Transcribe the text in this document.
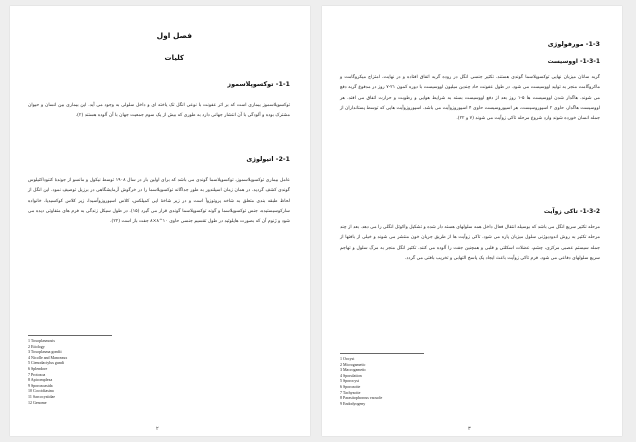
فصل اول
کلیات
1-1- توکسوپلاسموز
توکسوپلاسموز بیماری است که بر اثر عفونت با نوعی انگل تک یاخته ای و داخل سلولی به وجود می آید. این بیماری بین انسان و حیوان مشترک بوده و آلودگی با آن انتشار جهانی دارد به طوری که بیش از یک سوم جمعیت جهان با آن آلوده هستند (۲).
2-1- اتیولوژی
عامل بیماری توکسوپلاسموز، توکسوپلاسما گوندی می باشد که برای اولین بار در سال ۱۹۰۸ توسط نیکول و مانسو از جوندهٔ کتنوداکتیلوس گوندی کشف گردید. در همان زمان اسپلندور به طور جداگانه توکسوپلاسما را در خرگوش آزمایشگاهی در برزیل توصیف نمود. این انگل از لحاظ طبقه بندی متعلق به شاخه پروتوزوآ است و در زیر شاخهٔ اپی کمپلکس، کلاس اسپوروزوآسیدا، زیر کلاس کوکسیدیا، خانواده سارکوسیستیده، جنس توکسوپلاسما و گونه توکسوپلاسما گوندی قرار می گیرد (۱۵). در طول سیکل زندگی به فرم های متفاوتی دیده می شود و ژنوم آن که بصورت هاپلوئید در طول تقسیم جنسی حاوی ۱۰^۸×۸ جفت باز است (۲۲).
1 Toxoplasmosis
2 Etiology
3 Toxoplasma gondii
4 Nicolle and Manceaux
5 Ctenodactylus gundi
6 Splendore
7 Protozoa
8 Apicomplexa
9 Sporozoasida
10 Coccidiasina
11 Sarcocystidae
12 Genome
۲
1-3- مورفولوژی
1-3-1- اووسیست
گربه سانان میزبان نهایی توکسوپلاسما گوندی هستند. تکثیر جنسی انگل در روده گربه اتفاق افتاده و در نهایت، امتزاج میکروگامت و ماکروگامت منجر به تولید اووسیست می شود. در طول عفونت حاد چندین میلیون اووسیست با دوره کمون ۲۱-۷ روز در مدفوع گربه دفع می شوند. هاگدار شدن اووسیست ها ۵-۱ روز بعد از دفع اووسیست بسته به شرایط هوایی و رطوبت و حرارت اتفاق می افتد. هر اووسیست هاگدار، حاوی ۲ اسپوروسیست، هر اسپوروسیست حاوی ۴ اسپوروزوآیت می باشد. اسپوروزوآیت هایی که توسط پستانداران از جمله انسان خورده شوند وارد شروع مرحله تاکی زوآیت می شوند (۷ و ۲۲).
1-3-2- تاکی زوآیت
مرحله تکثیر سریع انگل می باشد که بوسیله انتقال فعال داخل همه سلولهای هسته دار شده و تشکیل واکوئل انگلی را می دهد. بعد از چند مرحله تکثیر به روش اندودیوژنی سلول میزبان پاره می شود. تاکی زوآیت ها از طریق جریان خون منتشر می شوند و خیلی از بافتها از جمله سیستم عصبی مرکزی، چشم، عضلات اسکلتی و قلبی و همچنین جفت را آلوده می کنند. تکثیر انگل منجر به مرگ سلول و تهاجم سریع سلولهای دفاعی می شود. فرم تاکی زوآیت باعث ایجاد یک پاسخ التهابی و تخریب بافتی می گردد.
1 Oocyst
2 Microgametic
3 Macrogametic
4 Sporulation
5 Sporocyst
6 Sporozoite
7 Tachyzoite
8 Parasitophorous vacuole
9 Endodyogeny
۳
